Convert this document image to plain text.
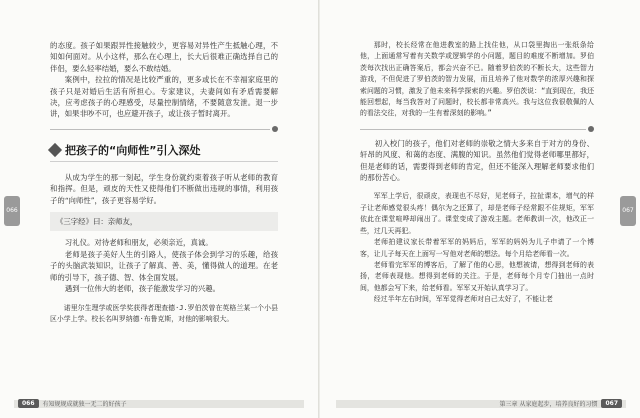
066

的态度。孩子如果跟异性接触较少，更容易对异性产生抵触心理，不知如何面对。从小这样，那么在心理上，长大后很难正确选择自己的伴侣，要么轻率结婚，要么不敢结婚。

案例中，拉拉的情况是比较严重的，更多或长在不幸福家庭里的孩子只是对婚后生活有所担心。专家建议，夫妻间如有矛盾需要解决，应考虑孩子的心理感受，尽量控制情绪，不要随意发泄。退一步讲，如果非吵不可，也应避开孩子，或让孩子暂时离开。

把孩子的“向师性”引入深处

从成为学生的那一刻起，学生身份就约束着孩子听从老师的教育和指挥。但是，顽皮的天性又使得他们不断做出违规的事情，利用孩子的“向师性”，孩子更容易学好。

《三字经》曰：亲师友，

习礼仪。对待老师和朋友，必须亲近，真诚。

老师是孩子美好人生的引路人，使孩子体会到学习的乐趣，给孩子的头脑武装知识，让孩子了解真、善、美，懂得做人的道理。在老师的引导下，孩子德、智、体全面发展。

遇到一位伟大的老师，孩子能激发学习的兴趣。

诺里尔生理学或医学奖获得者理查德·J.罗伯茨曾在英格兰某一个小县区小学上学。校长名叫罗纳德·布鲁克斯，对他的影响很大。

066	有知规规成就独一无二的好孩子
067

那时，校长经常在他进教室的路上找住他，从口袋里掏出一张纸条给他，上面通常写着有关数学或逻辑学的小问题，题目的难度不断增加。罗伯茨每次找出正确答案后，都会兴奋不已。随着罗伯茨的不断长大，这些智力游戏，不但促进了罗伯茨的智力发展，而且培养了他对数学的浓厚兴趣和探索问题的习惯，激发了他未来科学探索的兴趣。罗伯茨说：“直到现在，我还能回想起，每当我答对了问题时，校长都非常高兴。我与这位我很敬佩的人的看法交往，对我的一生有着深刻的影响。”

初入校门的孩子，他们对老师的崇敬之情大多来自于对方的身份、轩昂的风度、和蔼的态度、满腹的知识。虽然他们觉得老师哪里都好，但是老师的话，需要得到老师的肯定，但还不能深入理解老师要求他们的那份苦心。

军军上学后，很顽皮，表现也不尽好，见老师子，拉扯课本，增气的样子让老师感觉很头疼！偶尔为之还算了，却是老师子经常跟不住规矩，军军依此在课堂喧哗却闹出了。课堂变成了游戏主题。老师教训一次，他改正一些，过几天再犯。

老师拍建议家长带着军军的妈妈后，军军的妈妈为儿子申请了一个博客，让儿子每天在上面写一写他对老师的想法。每个月给老师看一次。

老师看完军军的博客后，了解了他的心思，他想被请，想得到老师的表扬，老师表现他。想得到老师的关注。于是，老师每个月专门抽出一点时间，他都会写下来，给老师看。军军又开始认真学习了。

经过半年左右时间，军军觉得老师对自己太好了，不能让老

第三章 从家庭起步，培养良好的习惯	067
